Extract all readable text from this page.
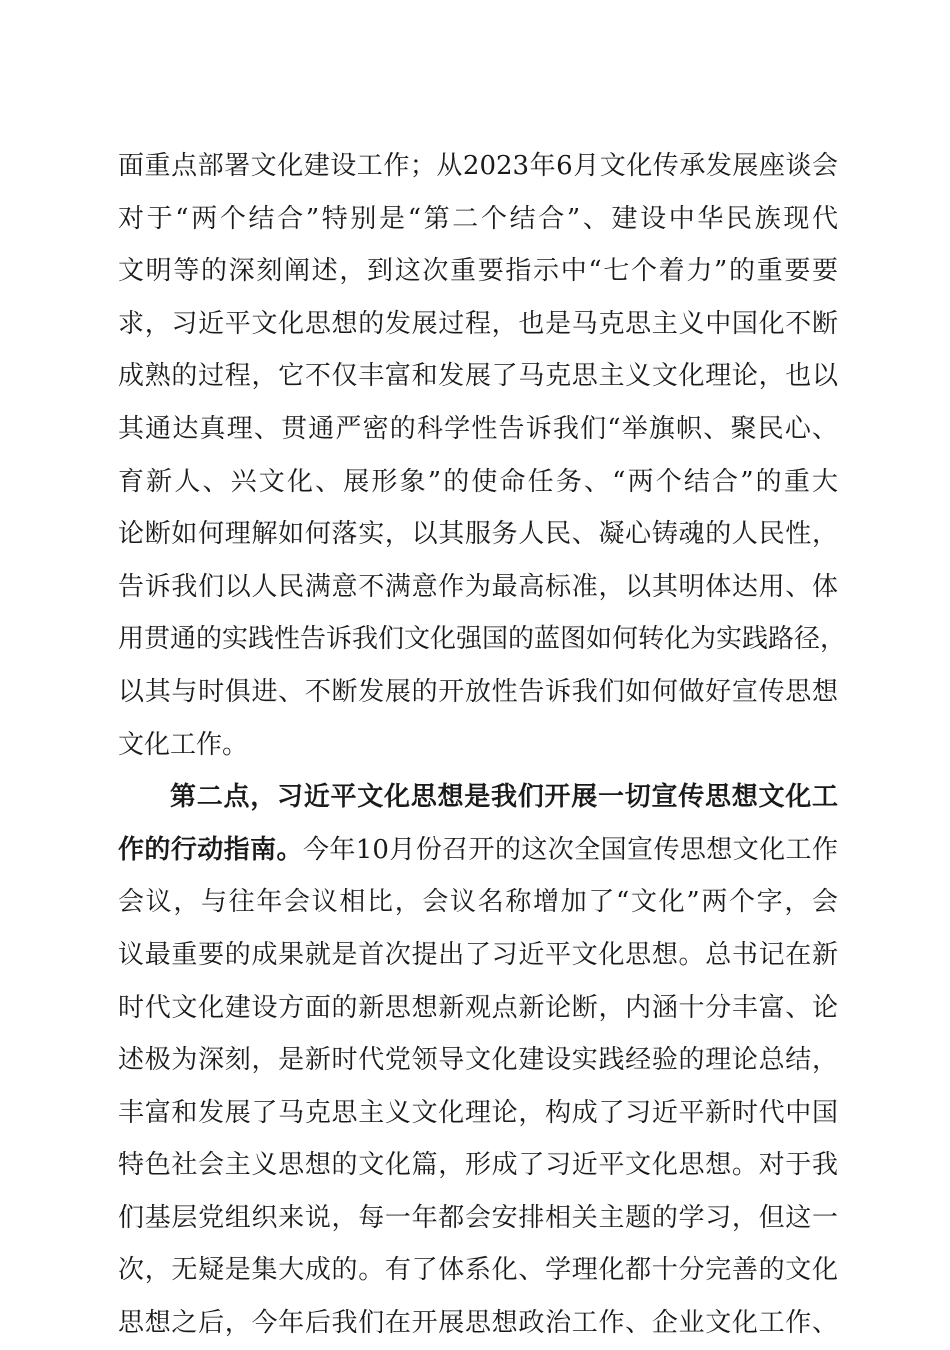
面重点部署文化建设工作；从2023年6月文化传承发展座谈会
对于“两个结合”特别是“第二个结合”、建设中华民族现代
文明等的深刻阐述，到这次重要指示中“七个着力”的重要要
求，习近平文化思想的发展过程，也是马克思主义中国化不断
成熟的过程，它不仅丰富和发展了马克思主义文化理论，也以
其通达真理、贯通严密的科学性告诉我们“举旗帜、聚民心、
育新人、兴文化、展形象”的使命任务、“两个结合”的重大
论断如何理解如何落实，以其服务人民、凝心铸魂的人民性，
告诉我们以人民满意不满意作为最高标准，以其明体达用、体
用贯通的实践性告诉我们文化强国的蓝图如何转化为实践路径，
以其与时俱进、不断发展的开放性告诉我们如何做好宣传思想
文化工作。
第二点，习近平文化思想是我们开展一切宣传思想文化工
作的行动指南。今年10月份召开的这次全国宣传思想文化工作
会议，与往年会议相比，会议名称增加了“文化”两个字，会
议最重要的成果就是首次提出了习近平文化思想。总书记在新
时代文化建设方面的新思想新观点新论断，内涵十分丰富、论
述极为深刻，是新时代党领导文化建设实践经验的理论总结，
丰富和发展了马克思主义文化理论，构成了习近平新时代中国
特色社会主义思想的文化篇，形成了习近平文化思想。对于我
们基层党组织来说，每一年都会安排相关主题的学习，但这一
次，无疑是集大成的。有了体系化、学理化都十分完善的文化
思想之后，今年后我们在开展思想政治工作、企业文化工作、
